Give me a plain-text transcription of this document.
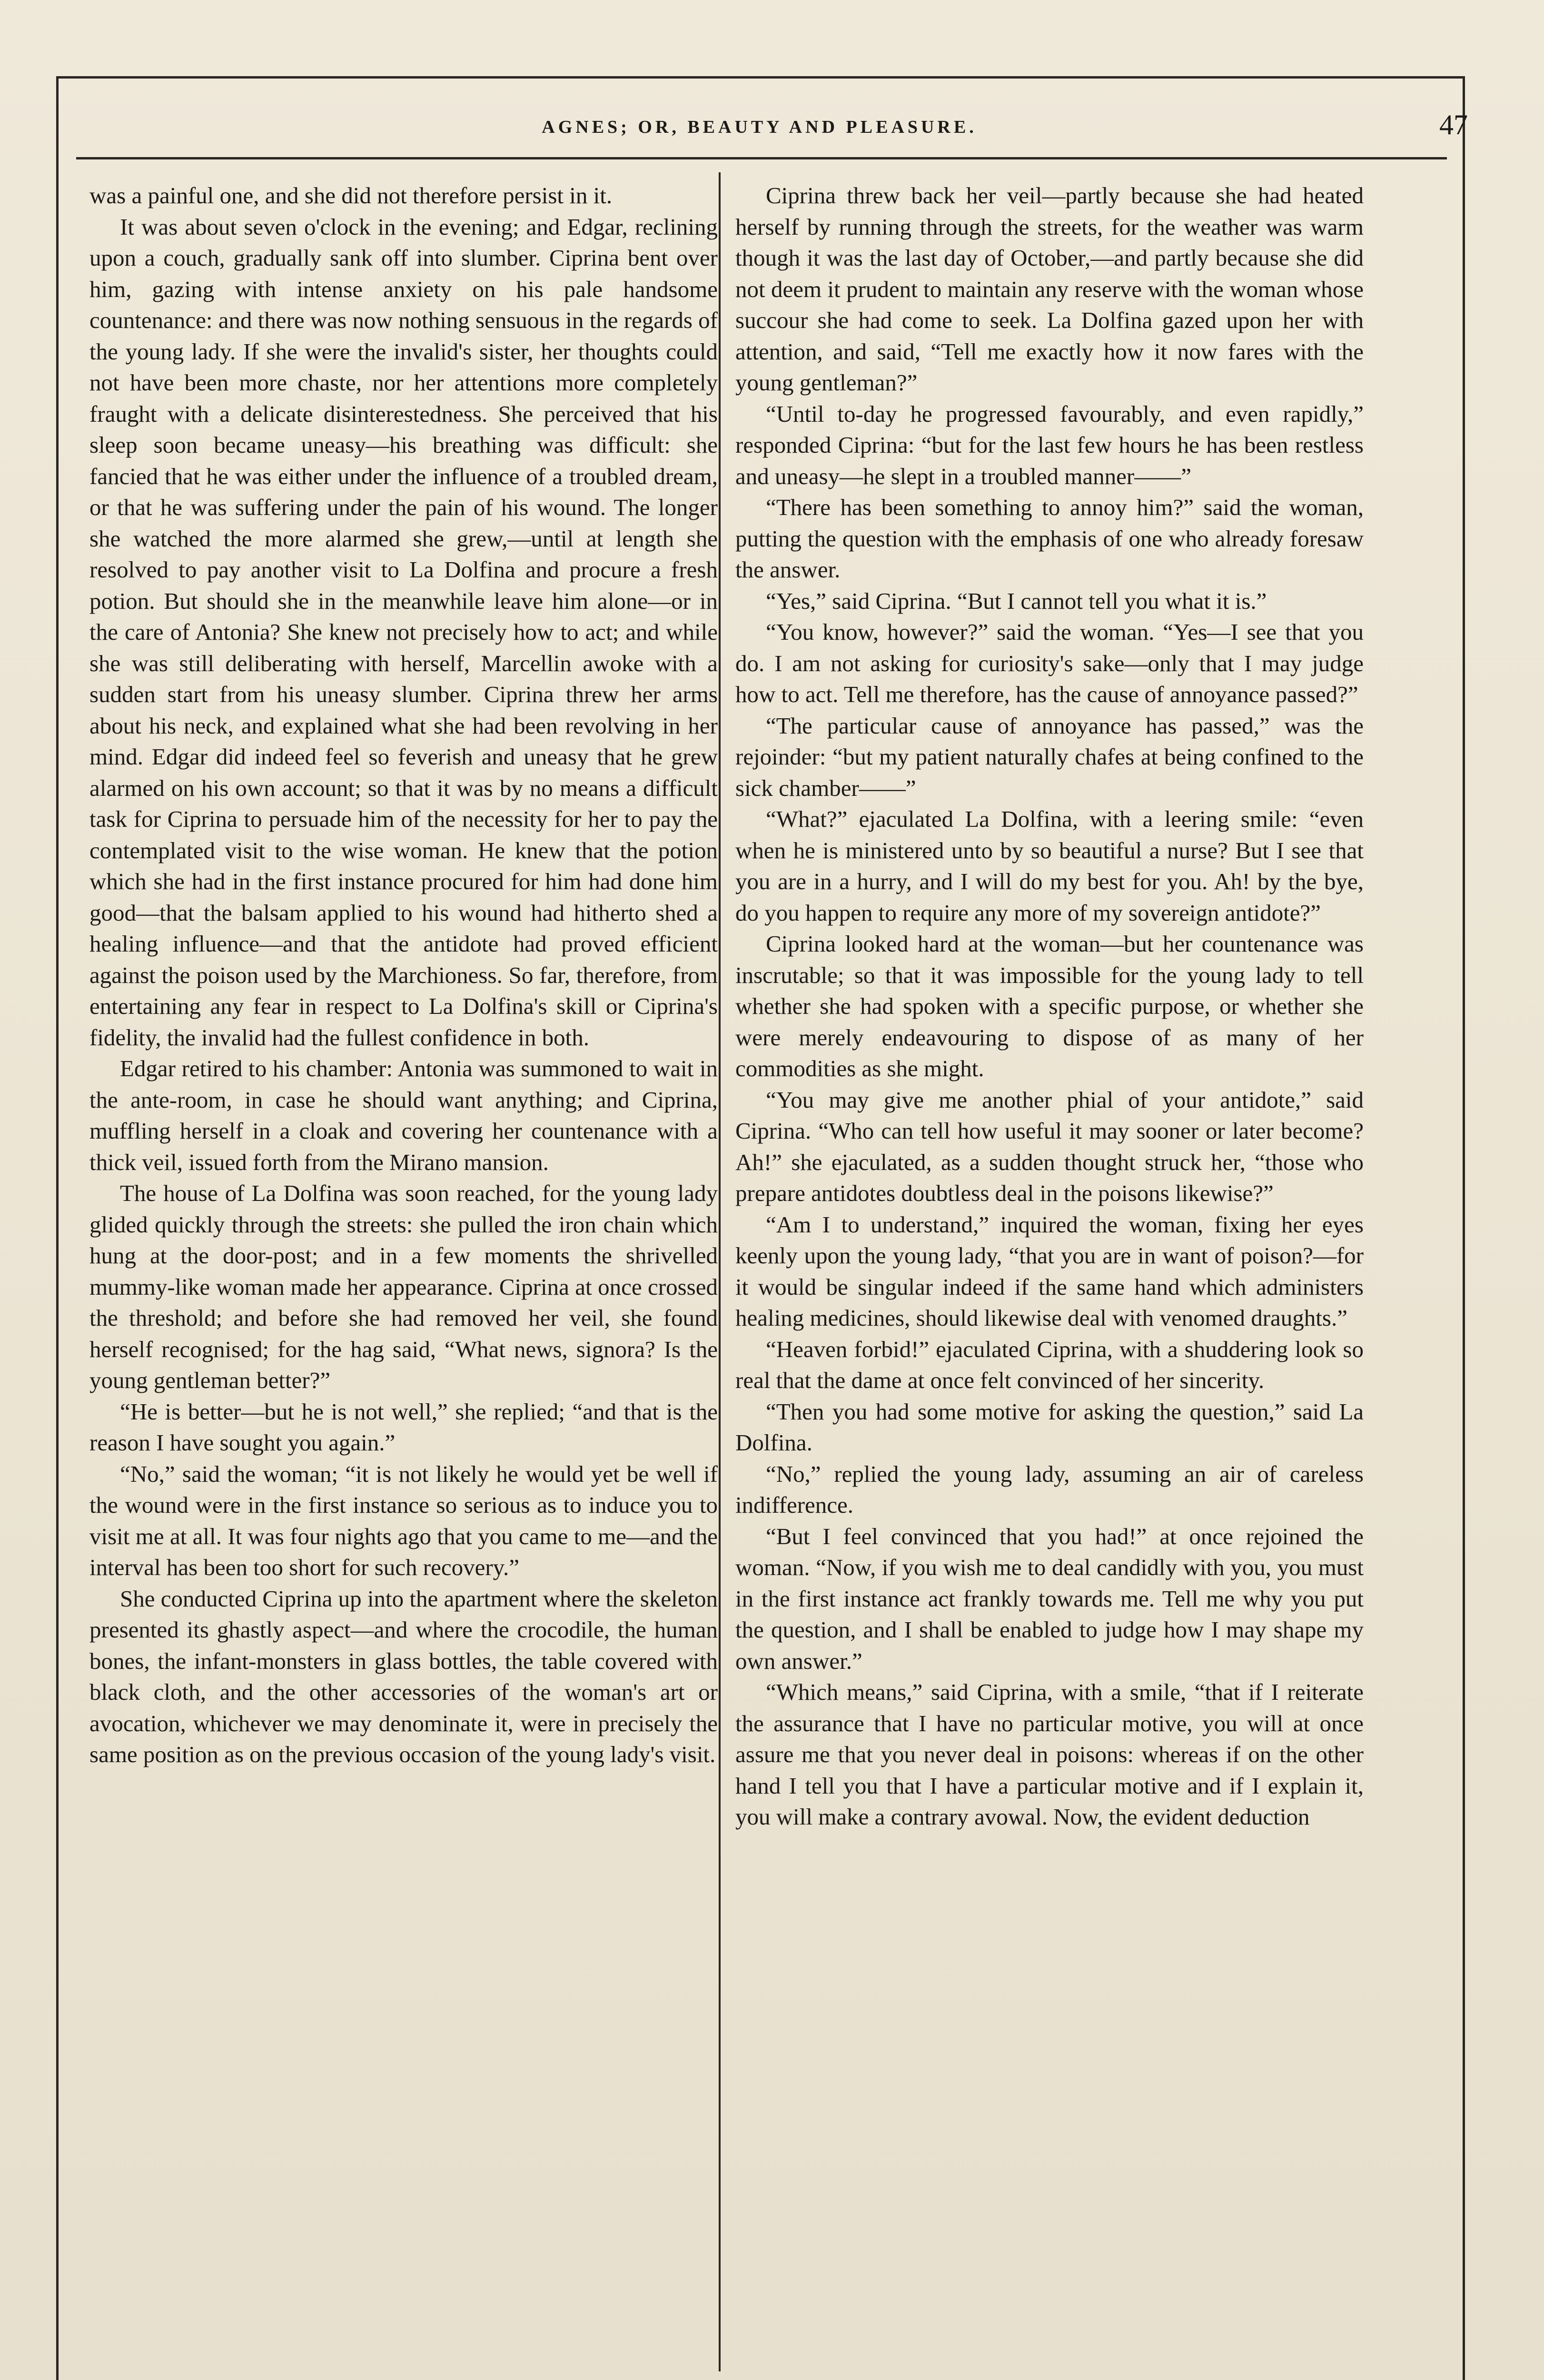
AGNES; OR, BEAUTY AND PLEASURE.	47

was a painful one, and she did not therefore persist in it.

It was about seven o'clock in the evening; and Edgar, reclining upon a couch, gradually sank off into slumber. Ciprina bent over him, gazing with intense anxiety on his pale handsome countenance: and there was now nothing sensuous in the regards of the young lady. If she were the invalid's sister, her thoughts could not have been more chaste, nor her attentions more completely fraught with a delicate disinterestedness. She perceived that his sleep soon became uneasy—his breathing was difficult: she fancied that he was either under the influence of a troubled dream, or that he was suffering under the pain of his wound. The longer she watched the more alarmed she grew,—until at length she resolved to pay another visit to La Dolfina and procure a fresh potion. But should she in the meanwhile leave him alone—or in the care of Antonia? She knew not precisely how to act; and while she was still deliberating with herself, Marcellin awoke with a sudden start from his uneasy slumber. Ciprina threw her arms about his neck, and explained what she had been revolving in her mind. Edgar did indeed feel so feverish and uneasy that he grew alarmed on his own account; so that it was by no means a difficult task for Ciprina to persuade him of the necessity for her to pay the contemplated visit to the wise woman. He knew that the potion which she had in the first instance procured for him had done him good—that the balsam applied to his wound had hitherto shed a healing influence—and that the antidote had proved efficient against the poison used by the Marchioness. So far, therefore, from entertaining any fear in respect to La Dolfina's skill or Ciprina's fidelity, the invalid had the fullest confidence in both.

Edgar retired to his chamber: Antonia was summoned to wait in the ante-room, in case he should want anything; and Ciprina, muffling herself in a cloak and covering her countenance with a thick veil, issued forth from the Mirano mansion.

The house of La Dolfina was soon reached, for the young lady glided quickly through the streets: she pulled the iron chain which hung at the door-post; and in a few moments the shrivelled mummy-like woman made her appearance. Ciprina at once crossed the threshold; and before she had removed her veil, she found herself recognised; for the hag said, “What news, signora? Is the young gentleman better?”

“He is better—but he is not well,” she replied; “and that is the reason I have sought you again.”

“No,” said the woman; “it is not likely he would yet be well if the wound were in the first instance so serious as to induce you to visit me at all. It was four nights ago that you came to me—and the interval has been too short for such recovery.”

She conducted Ciprina up into the apartment where the skeleton presented its ghastly aspect—and where the crocodile, the human bones, the infant-monsters in glass bottles, the table covered with black cloth, and the other accessories of the woman's art or avocation, whichever we may denominate it, were in precisely the same position as on the previous occasion of the young lady's visit.

Ciprina threw back her veil—partly because she had heated herself by running through the streets, for the weather was warm though it was the last day of October,—and partly because she did not deem it prudent to maintain any reserve with the woman whose succour she had come to seek. La Dolfina gazed upon her with attention, and said, “Tell me exactly how it now fares with the young gentleman?”

“Until to-day he progressed favourably, and even rapidly,” responded Ciprina: “but for the last few hours he has been restless and uneasy—he slept in a troubled manner——”

“There has been something to annoy him?” said the woman, putting the question with the emphasis of one who already foresaw the answer.

“Yes,” said Ciprina. “But I cannot tell you what it is.”

“You know, however?” said the woman. “Yes—I see that you do. I am not asking for curiosity's sake—only that I may judge how to act. Tell me therefore, has the cause of annoyance passed?”

“The particular cause of annoyance has passed,” was the rejoinder: “but my patient naturally chafes at being confined to the sick chamber——”

“What?” ejaculated La Dolfina, with a leering smile: “even when he is ministered unto by so beautiful a nurse? But I see that you are in a hurry, and I will do my best for you. Ah! by the bye, do you happen to require any more of my sovereign antidote?”

Ciprina looked hard at the woman—but her countenance was inscrutable; so that it was impossible for the young lady to tell whether she had spoken with a specific purpose, or whether she were merely endeavouring to dispose of as many of her commodities as she might.

“You may give me another phial of your antidote,” said Ciprina. “Who can tell how useful it may sooner or later become? Ah!” she ejaculated, as a sudden thought struck her, “those who prepare antidotes doubtless deal in the poisons likewise?”

“Am I to understand,” inquired the woman, fixing her eyes keenly upon the young lady, “that you are in want of poison?—for it would be singular indeed if the same hand which administers healing medicines, should likewise deal with venomed draughts.”

“Heaven forbid!” ejaculated Ciprina, with a shuddering look so real that the dame at once felt convinced of her sincerity.

“Then you had some motive for asking the question,” said La Dolfina.

“No,” replied the young lady, assuming an air of careless indifference.

“But I feel convinced that you had!” at once rejoined the woman. “Now, if you wish me to deal candidly with you, you must in the first instance act frankly towards me. Tell me why you put the question, and I shall be enabled to judge how I may shape my own answer.”

“Which means,” said Ciprina, with a smile, “that if I reiterate the assurance that I have no particular motive, you will at once assure me that you never deal in poisons: whereas if on the other hand I tell you that I have a particular motive and if I explain it, you will make a contrary avowal. Now, the evident deduction
